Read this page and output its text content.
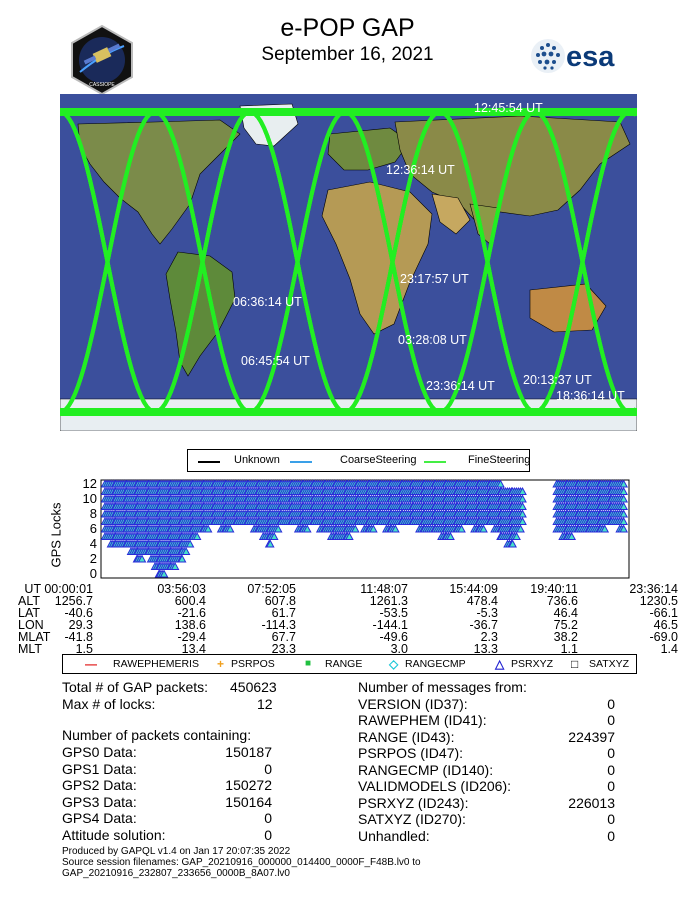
e-POP GAP
September 16, 2021
CASSIOPE
esa
12:45:54 UT
12:36:14 UT
23:17:57 UT
06:36:14 UT
03:28:08 UT
06:45:54 UT
23:36:14 UT 20:13:37 UT
18:36:14 UT
Unknown	CoarseSteering	FineSteering
0
2
4
6
8
10
12
GPS Locks
UT 00:00:01	03:56:03	07:52:05	11:48:07	15:44:09	19:40:11	23:36:14
ALT	1256.7	600.4	607.8	1261.3	478.4	736.6	1230.5
LAT	-40.6	-21.6	61.7	-53.5	-5.3	46.4	-66.1
LON	29.3	138.6	-114.3	-144.1	-36.7	75.2	46.5
MLAT	-41.8	-29.4	67.7	-49.6	2.3	38.2	-69.0
MLT	1.5	13.4	23.3	3.0	13.3	1.1	1.4
— RAWEPHEMERIS + PSRPOS	■ RANGE ◇ RANGECMP △ PSRXYZ □ SATXYZ
Total # of GAP packets: 450623
Max # of locks:	12
Number of packets containing:
GPS0 Data:	150187
GPS1 Data:	0
GPS2 Data:	150272
GPS3 Data:	150164
GPS4 Data:	0
Attitude solution:	0
Number of messages from:
VERSION (ID37):	0
RAWEPHEM (ID41):	0
RANGE (ID43):	224397
PSRPOS (ID47):	0
RANGECMP (ID140):	0
VALIDMODELS (ID206):	0
PSRXYZ (ID243):	226013
SATXYZ (ID270):	0
Unhandled:	0
Produced by GAPQL v1.4 on Jan 17 20:07:35 2022
Source session filenames: GAP_20210916_000000_014400_0000F_F48B.lv0 to
GAP_20210916_232807_233656_0000B_8A07.lv0
